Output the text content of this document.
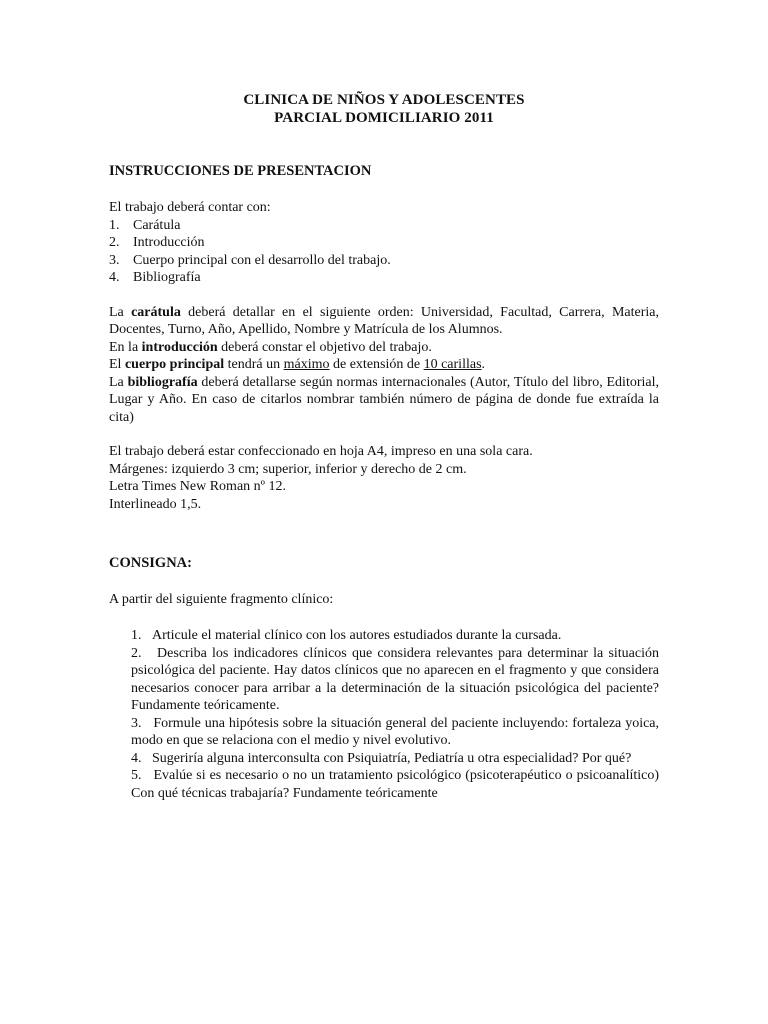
CLINICA DE NIÑOS Y ADOLESCENTES
PARCIAL DOMICILIARIO 2011
INSTRUCCIONES DE PRESENTACION
El trabajo deberá contar con:
1. Carátula
2. Introducción
3. Cuerpo principal con el desarrollo del trabajo.
4. Bibliografía
La carátula deberá detallar en el siguiente orden: Universidad, Facultad, Carrera, Materia, Docentes, Turno, Año, Apellido, Nombre y Matrícula de los Alumnos.
En la introducción deberá constar el objetivo del trabajo.
El cuerpo principal tendrá un máximo de extensión de 10 carillas.
La bibliografía deberá detallarse según normas internacionales (Autor, Título del libro, Editorial, Lugar y Año. En caso de citarlos nombrar también número de página de donde fue extraída la cita)
El trabajo deberá estar confeccionado en hoja A4, impreso en una sola cara.
Márgenes: izquierdo 3 cm; superior, inferior y derecho de 2 cm.
Letra Times New Roman nº 12.
Interlineado 1,5.
CONSIGNA:
A partir del siguiente fragmento clínico:
1. Articule el material clínico con los autores estudiados durante la cursada.
2. Describa los indicadores clínicos que considera relevantes para determinar la situación psicológica del paciente. Hay datos clínicos que no aparecen en el fragmento y que considera necesarios conocer para arribar a la determinación de la situación psicológica del paciente? Fundamente teóricamente.
3. Formule una hipótesis sobre la situación general del paciente incluyendo: fortaleza yoica, modo en que se relaciona con el medio y nivel evolutivo.
4. Sugeriría alguna interconsulta con Psiquiatría, Pediatría u otra especialidad? Por qué?
5. Evalúe si es necesario o no un tratamiento psicológico (psicoterapéutico o psicoanalítico) Con qué técnicas trabajaría? Fundamente teóricamente
